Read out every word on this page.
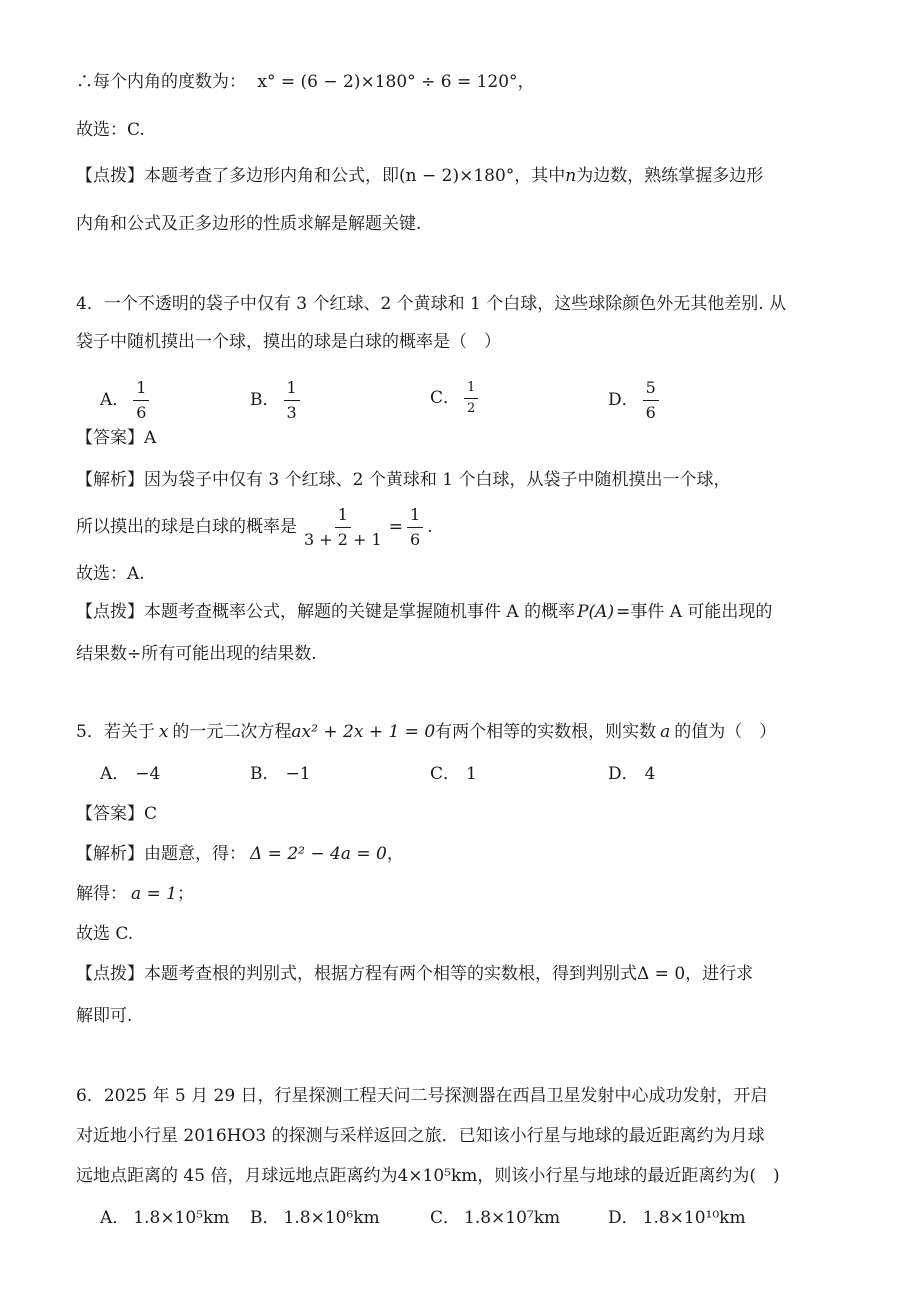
∴每个内角的度数为： x° = (6 − 2)×180° ÷ 6 = 120°，
故选：C.
【点拨】本题考查了多边形内角和公式，即(n − 2)×180°，其中n为边数，熟练掌握多边形
内角和公式及正多边形的性质求解是解题关键.
4．一个不透明的袋子中仅有 3 个红球、2 个黄球和 1 个白球，这些球除颜色外无其他差别. 从
袋子中随机摸出一个球，摸出的球是白球的概率是（　）
A． $\frac{1}{6}$	B． $\frac{1}{3}$	C． $\frac{1}{2}$	D． $\frac{5}{6}$
【答案】A
【解析】因为袋子中仅有 3 个红球、2 个黄球和 1 个白球，从袋子中随机摸出一个球，
所以摸出的球是白球的概率是 $\frac{1}{3 + 2 + 1} = \frac{1}{6}$ .
故选：A.
【点拨】本题考查概率公式，解题的关键是掌握随机事件 A 的概率 P(A) =事件 A 可能出现的
结果数÷所有可能出现的结果数.
5．若关于 x 的一元二次方程ax² + 2x + 1 = 0有两个相等的实数根，则实数 a 的值为（　）
A． −4	B． −1	C． 1	D． 4
【答案】C
【解析】由题意，得： Δ = 2² − 4a = 0，
解得： a = 1；
故选 C.
【点拨】本题考查根的判别式，根据方程有两个相等的实数根，得到判别式Δ = 0，进行求
解即可.
6．2025 年 5 月 29 日，行星探测工程天问二号探测器在西昌卫星发射中心成功发射，开启
对近地小行星 2016HO3 的探测与采样返回之旅．已知该小行星与地球的最近距离约为月球
远地点距离的 45 倍，月球远地点距离约为4×10⁵km，则该小行星与地球的最近距离约为(　)
A． 1.8×10⁵km B． 1.8×10⁶km	C． 1.8×10⁷km	D． 1.8×10¹⁰km
